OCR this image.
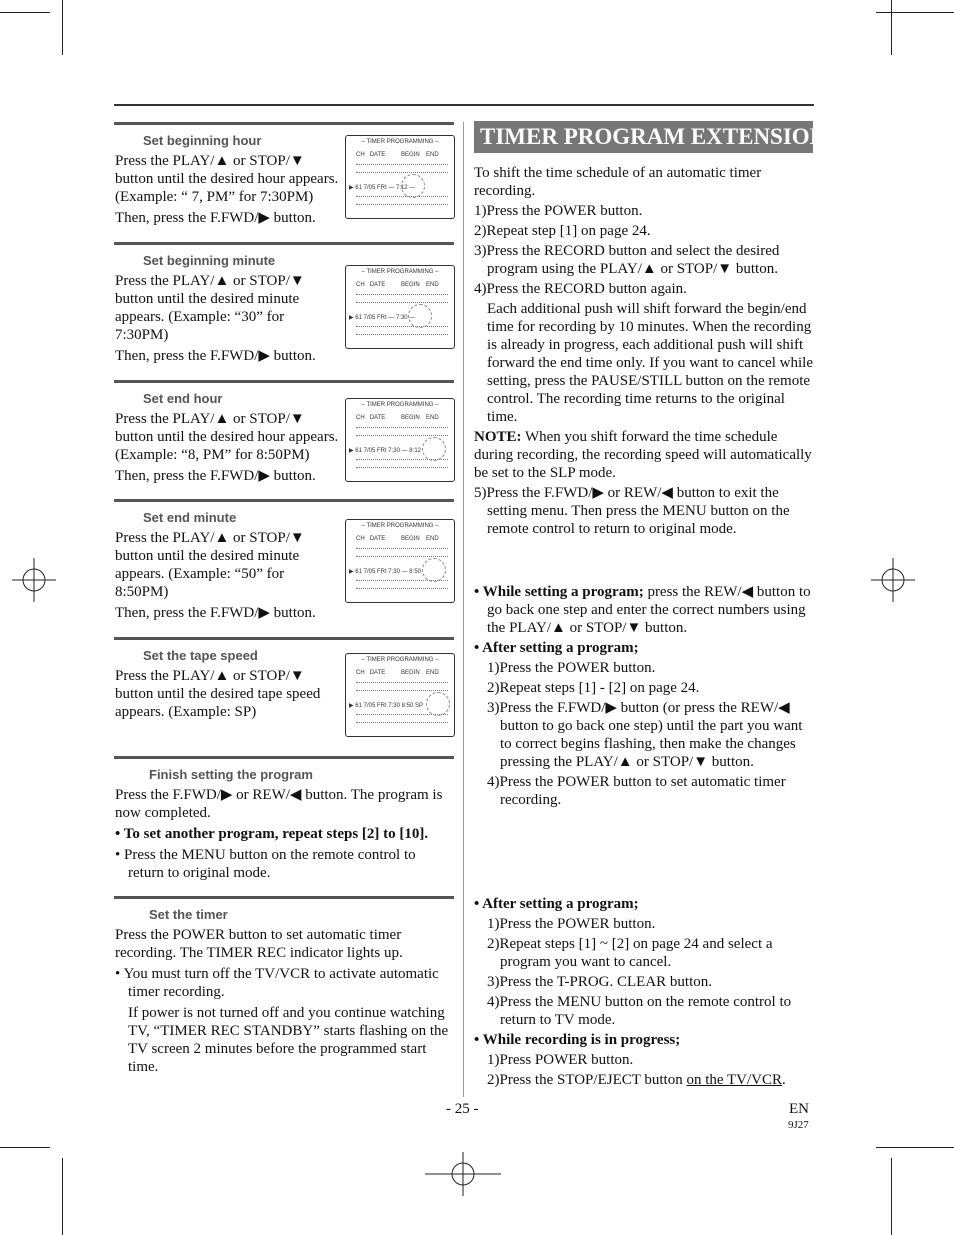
Set beginning hour

Press the PLAY/▲ or STOP/▼ button until the desired hour appears. (Example: “ 7, PM” for 7:30PM)

Then, press the F.FWD/▶ button.

– TIMER PROGRAMMING –
CH DATE	BEGIN END
▶ 61 7/05 FRI — 7:12 —
Set beginning minute

Press the PLAY/▲ or STOP/▼ button until the desired minute appears. (Example: “30” for 7:30PM)

Then, press the F.FWD/▶ button.

– TIMER PROGRAMMING –
CH DATE	BEGIN END
▶ 61 7/05 FRI — 7:30 —
Set end hour

Press the PLAY/▲ or STOP/▼ button until the desired hour appears. (Example: “8, PM” for 8:50PM)

Then, press the F.FWD/▶ button.

– TIMER PROGRAMMING –
CH DATE	BEGIN END
▶ 61 7/05 FRI 7:30 — 8:12
Set end minute

Press the PLAY/▲ or STOP/▼ button until the desired minute appears. (Example: “50” for 8:50PM)

Then, press the F.FWD/▶ button.

– TIMER PROGRAMMING –
CH DATE	BEGIN END
▶ 61 7/05 FRI 7:30 — 8:50
Set the tape speed

Press the PLAY/▲ or STOP/▼ button until the desired tape speed appears. (Example: SP)

– TIMER PROGRAMMING –
CH DATE	BEGIN END
▶ 61 7/05 FRI 7:30 8:50 SP
Finish setting the program

Press the F.FWD/▶ or REW/◀ button. The program is now completed.

• To set another program, repeat steps [2] to [10].

• Press the MENU button on the remote control to return to original mode.

Set the timer

Press the POWER button to set automatic timer recording. The TIMER REC indicator lights up.

• You must turn off the TV/VCR to activate automatic timer recording.

If power is not turned off and you continue watching TV, “TIMER REC STANDBY” starts flashing on the TV screen 2 minutes before the programmed start time.

TIMER PROGRAM EXTENSION

To shift the time schedule of an automatic timer recording.

1)Press the POWER button.

2)Repeat step [1] on page 24.

3)Press the RECORD button and select the desired program using the PLAY/▲ or STOP/▼ button.

4)Press the RECORD button again.

Each additional push will shift forward the begin/end time for recording by 10 minutes. When the recording is already in progress, each additional push will shift forward the end time only. If you want to cancel while setting, press the PAUSE/STILL button on the remote control. The recording time returns to the original time.

NOTE: When you shift forward the time schedule during recording, the recording speed will automatically be set to the SLP mode.

5)Press the F.FWD/▶ or REW/◀ button to exit the setting menu. Then press the MENU button on the remote control to return to original mode.

• While setting a program; press the REW/◀ button to go back one step and enter the correct numbers using the PLAY/▲ or STOP/▼ button.

• After setting a program;

1)Press the POWER button.

2)Repeat steps [1] - [2] on page 24.

3)Press the F.FWD/▶ button (or press the REW/◀ button to go back one step) until the part you want to correct begins flashing, then make the changes pressing the PLAY/▲ or STOP/▼ button.

4)Press the POWER button to set automatic timer recording.

• After setting a program;

1)Press the POWER button.

2)Repeat steps [1] ~ [2] on page 24 and select a program you want to cancel.

3)Press the T-PROG. CLEAR button.

4)Press the MENU button on the remote control to return to TV mode.

• While recording is in progress;

1)Press POWER button.

2)Press the STOP/EJECT button on the TV/VCR.

- 25 -	EN
9J27
